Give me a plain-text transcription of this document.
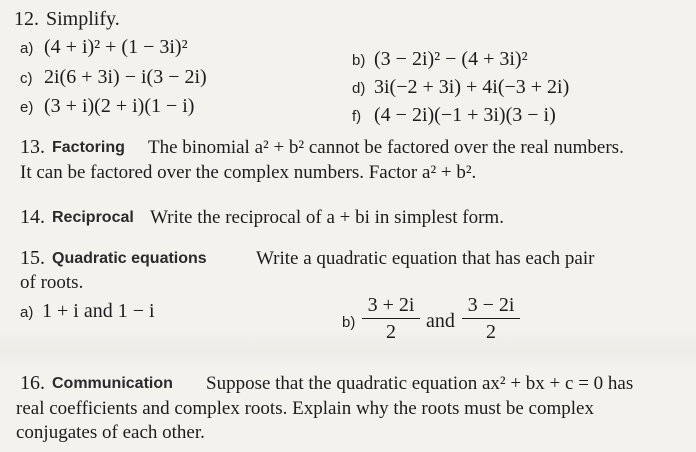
12. Simplify.
a) (4 + i)² + (1 − 3i)²
b) (3 − 2i)² − (4 + 3i)²
c) 2i(6 + 3i) − i(3 − 2i)
d) 3i(−2 + 3i) + 4i(−3 + 2i)
e) (3 + i)(2 + i)(1 − i)	f) (4 − 2i)(−1 + 3i)(3 − i)
13. Factoring The binomial a² + b² cannot be factored over the real numbers.
It can be factored over the complex numbers. Factor a² + b².
14. Reciprocal Write the reciprocal of a + bi in simplest form.
15. Quadratic equations	Write a quadratic equation that has each pair
of roots.
a) 1 + i and 1 − i
b)
3 + 2i
2	and
3 − 2i
2
16. Communication Suppose that the quadratic equation ax² + bx + c = 0 has
real coefficients and complex roots. Explain why the roots must be complex
conjugates of each other.
